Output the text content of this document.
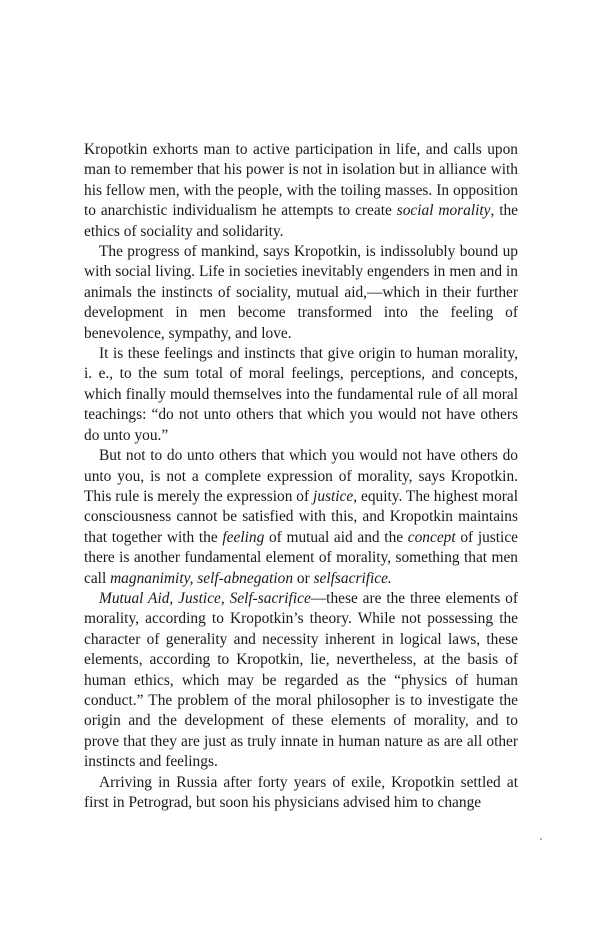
Kropotkin exhorts man to active participation in life, and calls upon man to remember that his power is not in isolation but in alliance with his fellow men, with the people, with the toiling masses. In opposition to anarchistic individualism he attempts to create social morality, the ethics of sociality and solidarity.

The progress of mankind, says Kropotkin, is indissolubly bound up with social living. Life in societies inevitably engenders in men and in animals the instincts of sociality, mutual aid,—which in their further development in men become transformed into the feeling of benevolence, sympathy, and love.

It is these feelings and instincts that give origin to human morality, i. e., to the sum total of moral feelings, perceptions, and concepts, which finally mould themselves into the fundamental rule of all moral teachings: “do not unto others that which you would not have others do unto you.”

But not to do unto others that which you would not have others do unto you, is not a complete expression of morality, says Kropotkin. This rule is merely the expression of justice, equity. The highest moral consciousness cannot be satisfied with this, and Kropotkin maintains that together with the feeling of mutual aid and the concept of justice there is another fundamental element of morality, something that men call magnanimity, self-abnegation or selfsacrifice.

Mutual Aid, Justice, Self-sacrifice—these are the three elements of morality, according to Kropotkin’s theory. While not possessing the character of generality and necessity inherent in logical laws, these elements, according to Kropotkin, lie, nevertheless, at the basis of human ethics, which may be regarded as the “physics of human conduct.” The problem of the moral philosopher is to investigate the origin and the development of these elements of morality, and to prove that they are just as truly innate in human nature as are all other instincts and feelings.

Arriving in Russia after forty years of exile, Kropotkin settled at first in Petrograd, but soon his physicians advised him to change
